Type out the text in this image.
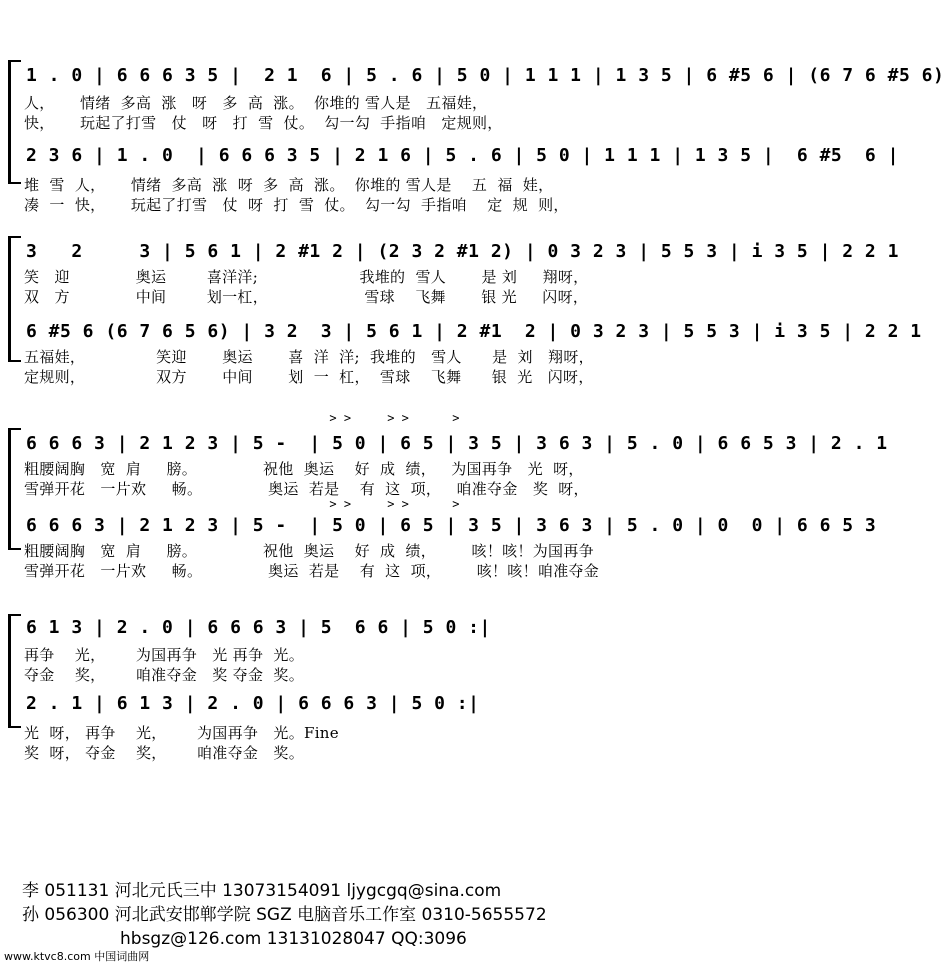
1 . 0 | 6 6 6 3 5 |  2 1  6 | 5 . 6 | 5 0 | 1 1 1 | 1 3 5 | 6 #5 6 | (6 7 6 #5 6)
人，     情绪  多高  涨   呀   多  高  涨。  你堆的 雪人是   五福娃，
快，     玩起了打雪   仗   呀   打  雪  仗。  勾一勾  手指咱   定规则，
2 3 6 | 1 . 0  | 6 6 6 3 5 | 2 1 6 | 5 . 6 | 5 0 | 1 1 1 | 1 3 5 |  6 #5  6 |
堆  雪  人，     情绪  多高  涨  呀  多  高  涨。  你堆的 雪人是    五  福  娃，
凑  一  快，     玩起了打雪   仗  呀  打  雪  仗。  勾一勾  手指咱    定  规  则，
3   2     3 | 5 6 1 | 2 #1 2 | (2 3 2 #1 2) | 0 3 2 3 | 5 5 3 | i 3 5 | 2 2 1
笑   迎             奥运        喜洋洋;                    我堆的  雪人       是 刘     翔呀，
双   方             中间        划一杠，                   雪球    飞舞       银 光     闪呀，
6 #5 6 (6 7 6 5 6) | 3 2  3 | 5 6 1 | 2 #1  2 | 0 3 2 3 | 5 5 3 | i 3 5 | 2 2 1
五福娃，              笑迎       奥运       喜  洋  洋;  我堆的   雪人      是  刘   翔呀，
定规则，              双方       中间       划  一  杠，  雪球    飞舞      银  光   闪呀，
> >     > >      >
6 6 6 3 | 2 1 2 3 | 5 -  | 5 0 | 6 5 | 3 5 | 3 6 3 | 5 . 0 | 6 6 5 3 | 2 . 1
粗腰阔胸   宽  肩     膀。             祝他  奥运    好  成  绩，   为国再争   光  呀，
雪弹开花   一片欢     畅。             奥运  若是    有  这  项，   咱准夺金   奖  呀，
> >     > >      >
6 6 6 3 | 2 1 2 3 | 5 -  | 5 0 | 6 5 | 3 5 | 3 6 3 | 5 . 0 | 0  0 | 6 6 5 3
粗腰阔胸   宽  肩     膀。             祝他  奥运    好  成  绩，       咳！咳！为国再争
雪弹开花   一片欢     畅。             奥运  若是    有  这  项，       咳！咳！咱准夺金
6 1 3 | 2 . 0 | 6 6 6 3 | 5  6 6 | 5 0 :|
再争    光，      为国再争   光 再争  光。
夺金    奖，      咱准夺金   奖 夺金  奖。
2 . 1 | 6 1 3 | 2 . 0 | 6 6 6 3 | 5 0 :|
光  呀， 再争    光，      为国再争   光。Fine
奖  呀， 夺金    奖，      咱准夺金   奖。
李 051131 河北元氏三中 13073154091 ljygcgq@sina.com
孙 056300 河北武安邯郸学院 SGZ 电脑音乐工作室 0310-5655572
hbsgz@126.com 13131028047 QQ:3096
www.ktvc8.com 中国词曲网
